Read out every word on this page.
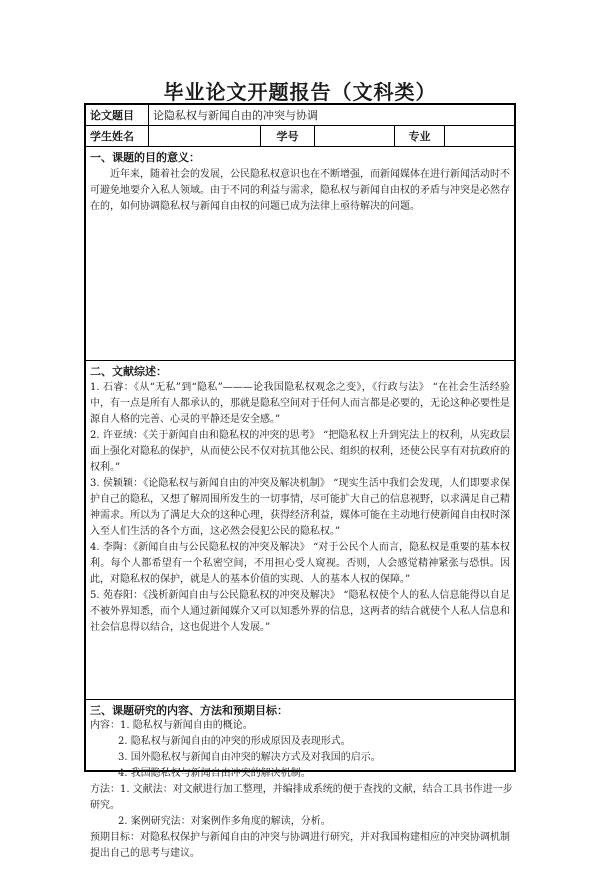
毕业论文开题报告（文科类）
论文题目	论隐私权与新闻自由的冲突与协调
学生姓名	学号	专业
一、课题的目的意义：

近年来，随着社会的发展，公民隐私权意识也在不断增强，而新闻媒体在进行新闻活动时不可避免地要介入私人领域。由于不同的利益与需求，隐私权与新闻自由权的矛盾与冲突是必然存在的，如何协调隐私权与新闻自由权的问题已成为法律上亟待解决的问题。

二、文献综述：

1. 石睿：《从“无私”到“隐私”———论我国隐私权观念之变》，《行政与法》 “在社会生活经验中，有一点是所有人都承认的，那就是隐私空间对于任何人而言都是必要的，无论这种必要性是源自人格的完善、心灵的平静还是安全感。”

2. 许亚绒：《关于新闻自由和隐私权的冲突的思考》 “把隐私权上升到宪法上的权利，从宪政层面上强化对隐私的保护，从而使公民不仅对抗其他公民、组织的权利，还使公民享有对抗政府的权利。”

3. 侯颖颖：《论隐私权与新闻自由的冲突及解决机制》 “现实生活中我们会发现，人们即要求保护自己的隐私，又想了解周围所发生的一切事情，尽可能扩大自己的信息视野，以求满足自己精神需求。所以为了满足大众的这种心理，获得经济利益，媒体可能在主动地行使新闻自由权时深入至人们生活的各个方面，这必然会侵犯公民的隐私权。”

4. 李陶：《新闻自由与公民隐私权的冲突及解决》 “对于公民个人而言，隐私权是重要的基本权利。每个人都希望有一个私密空间，不用担心受人窥视。否则，人会感觉精神紧张与恐惧。因此，对隐私权的保护，就是人的基本价值的实现、人的基本人权的保障。”

5. 苑春阳：《浅析新闻自由与公民隐私权的冲突及解决》 “隐私权使个人的私人信息能得以自足不被外界知悉，而个人通过新闻媒介又可以知悉外界的信息，这两者的结合就使个人私人信息和社会信息得以结合，这也促进个人发展。”

三、课题研究的内容、方法和预期目标：

内容：1. 隐私权与新闻自由的概论。

2. 隐私权与新闻自由的冲突的形成原因及表现形式。

3. 国外隐私权与新闻自由冲突的解决方式及对我国的启示。

4. 我国隐私权与新闻自由冲突的解决机制。

方法：1. 文献法：对文献进行加工整理，并编排成系统的便于查找的文献，结合工具书作进一步研究。

2. 案例研究法：对案例作多角度的解读，分析。

预期目标：对隐私权保护与新闻自由的冲突与协调进行研究，并对我国构建相应的冲突协调机制提出自己的思考与建议。
